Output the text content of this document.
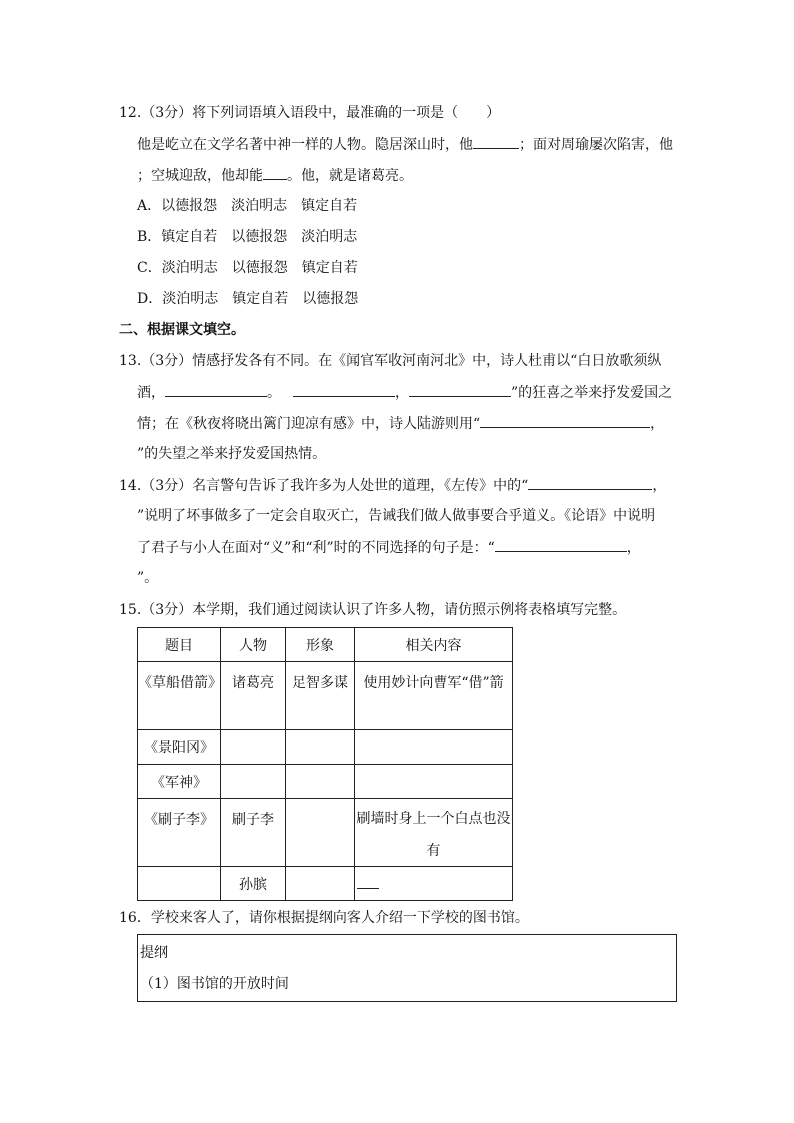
12.（3分）将下列词语填入语段中，最准确的一项是（　　）
他是屹立在文学名著中神一样的人物。隐居深山时，他	；面对周瑜屡次陷害，他
；空城迎敌，他却能 。他，就是诸葛亮。
A．以德报怨　淡泊明志　镇定自若
B．镇定自若　以德报怨　淡泊明志
C．淡泊明志　以德报怨　镇定自若
D．淡泊明志　镇定自若　以德报怨
二、根据课文填空。
13.（3分）情感抒发各有不同。在《闻官军收河南河北》中，诗人杜甫以“白日放歌须纵
酒，	。	，	”的狂喜之举来抒发爱国之
情；在《秋夜将晓出篱门迎凉有感》中，诗人陆游则用“	，
”的失望之举来抒发爱国热情。
14.（3分）名言警句告诉了我许多为人处世的道理，《左传》中的“	，
”说明了坏事做多了一定会自取灭亡，告诫我们做人做事要合乎道义。《论语》中说明
了君子与小人在面对“义”和“利”时的不同选择的句子是：“	，
”。
15.（3分）本学期，我们通过阅读认识了许多人物，请仿照示例将表格填写完整。
题目	人物	形象	相关内容
《草船借箭》	诸葛亮	足智多谋	使用妙计向曹军“借”箭
《景阳冈》			
《军神》			
《刷子李》	刷子李		刷墙时身上一个白点也没
有

	孙膑		
16．学校来客人了，请你根据提纲向客人介绍一下学校的图书馆。
提纲
（1）图书馆的开放时间
